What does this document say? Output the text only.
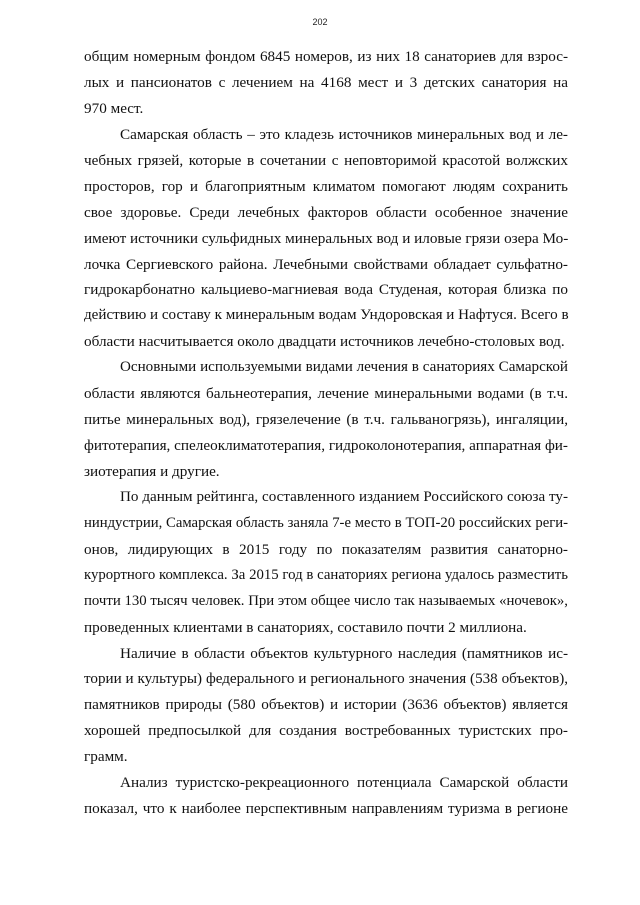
202

общим номерным фондом 6845 номеров, из них 18 санаториев для взрос-
лых и пансионатов с лечением на 4168 мест и 3 детских санатория на
970 мест.

Самарская область – это кладезь источников минеральных вод и ле-
чебных грязей, которые в сочетании с неповторимой красотой волжских
просторов, гор и благоприятным климатом помогают людям сохранить
свое здоровье. Среди лечебных факторов области особенное значение
имеют источники сульфидных минеральных вод и иловые грязи озера Мо-
лочка Сергиевского района. Лечебными свойствами обладает сульфатно-
гидрокарбонатно кальциево-магниевая вода Студеная, которая близка по
действию и составу к минеральным водам Ундоровская и Нафтуся. Всего в
области насчитывается около двадцати источников лечебно-столовых вод.

Основными используемыми видами лечения в санаториях Самарской
области являются бальнеотерапия, лечение минеральными водами (в т.ч.
питье минеральных вод), грязелечение (в т.ч. гальваногрязь), ингаляции,
фитотерапия, спелеоклиматотерапия, гидроколонотерапия, аппаратная фи-
зиотерапия и другие.

По данным рейтинга, составленного изданием Российского союза ту-
ниндустрии, Самарская область заняла 7-е место в ТОП-20 российских реги-
онов, лидирующих в 2015 году по показателям развития санаторно-
курортного комплекса. За 2015 год в санаториях региона удалось разместить
почти 130 тысяч человек. При этом общее число так называемых «ночевок»,
проведенных клиентами в санаториях, составило почти 2 миллиона.

Наличие в области объектов культурного наследия (памятников ис-
тории и культуры) федерального и регионального значения (538 объектов),
памятников природы (580 объектов) и истории (3636 объектов) является
хорошей предпосылкой для создания востребованных туристских про-
грамм.

Анализ туристско-рекреационного потенциала Самарской области
показал, что к наиболее перспективным направлениям туризма в регионе
